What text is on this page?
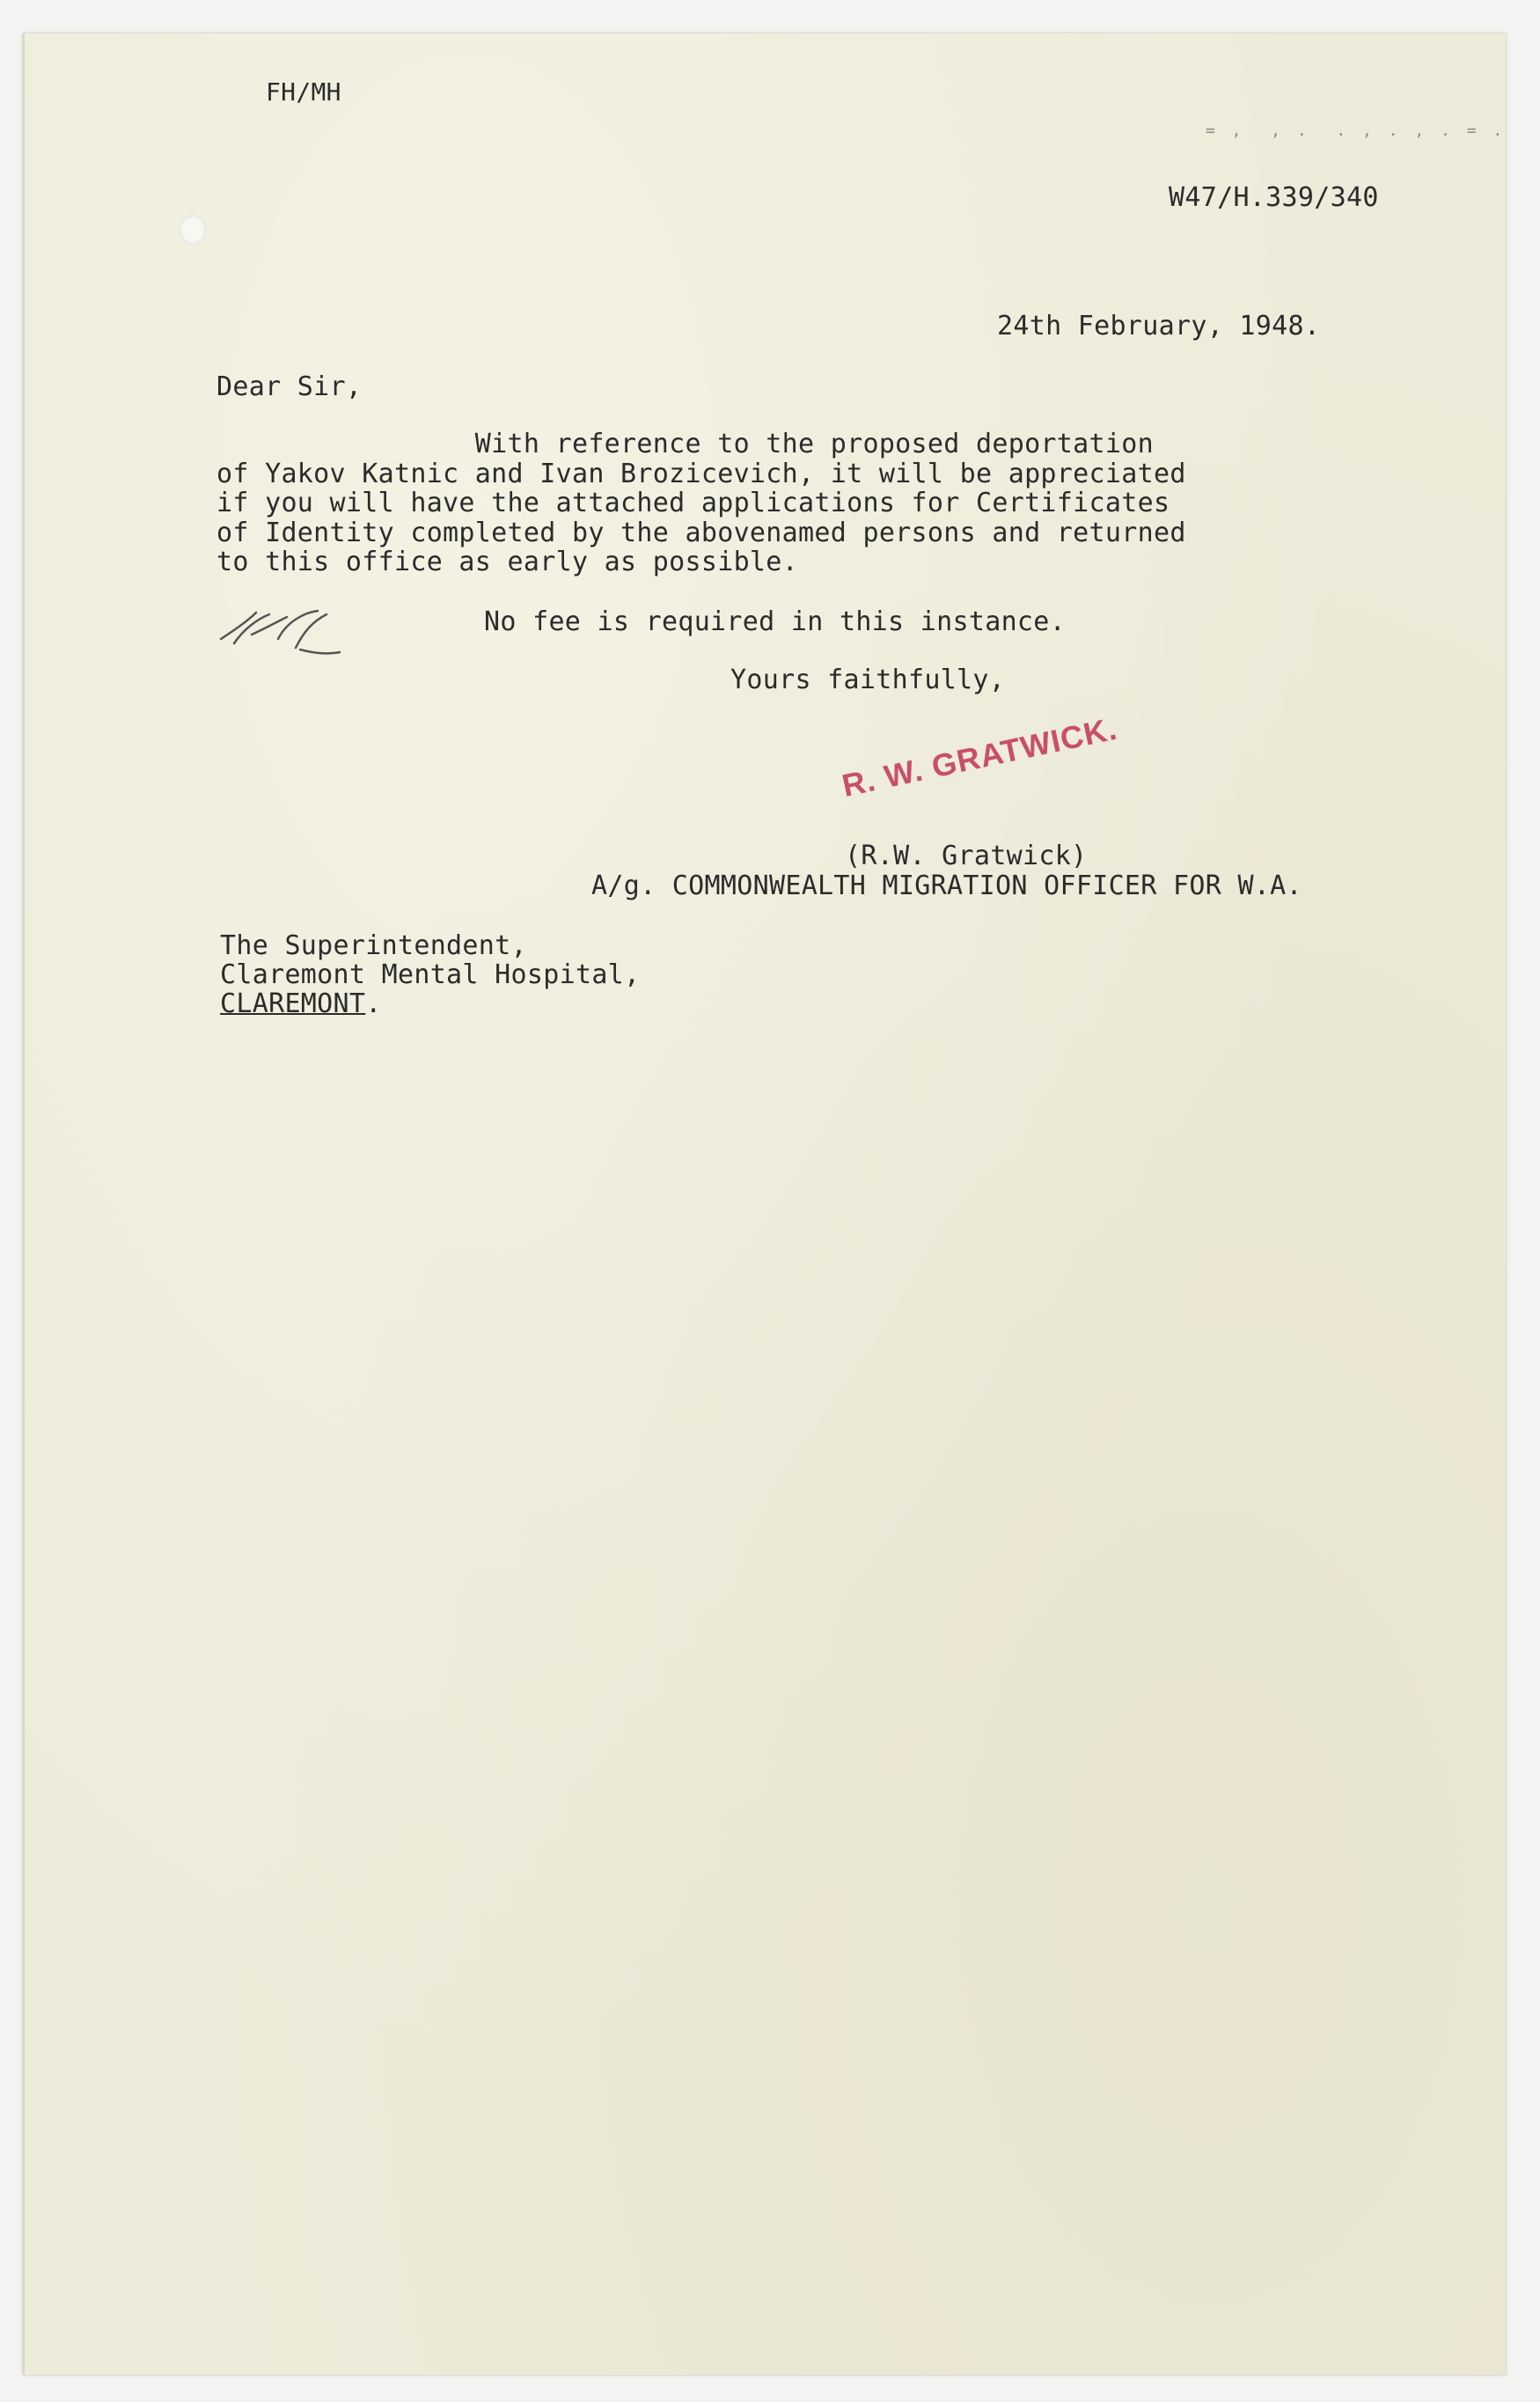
FH/MH
= ,  , .  . , . , . = .
W47/H.339/340
24th February, 1948.
Dear Sir,
With reference to the proposed deportation
of Yakov Katnic and Ivan Brozicevich, it will be appreciated
if you will have the attached applications for Certificates
of Identity completed by the abovenamed persons and returned
to this office as early as possible.
No fee is required in this instance.
Yours faithfully,
R. W. GRATWICK.
(R.W. Gratwick)
A/g. COMMONWEALTH MIGRATION OFFICER FOR W.A.
The Superintendent,
Claremont Mental Hospital,
CLAREMONT.
